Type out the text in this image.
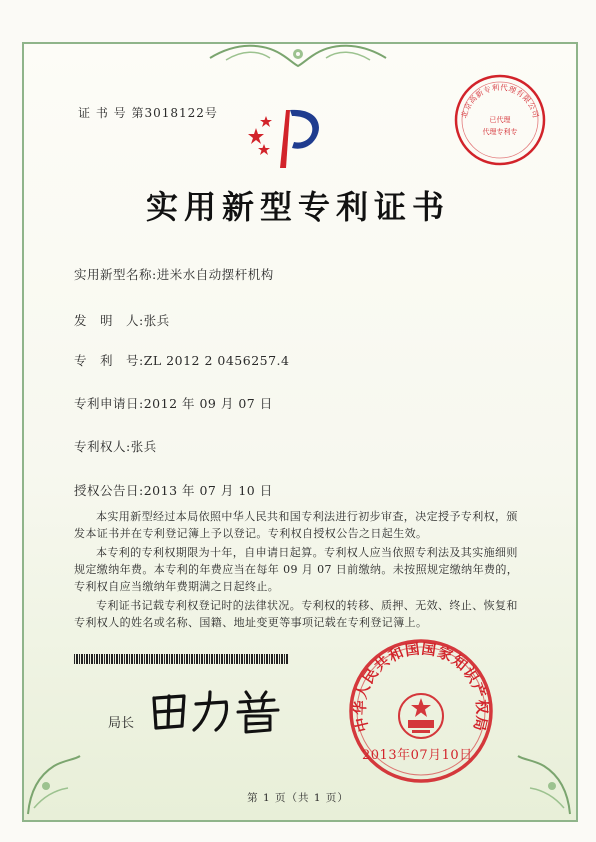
证 书 号 第3018122号	北京高新专利代理有限公司
已代理
代理专利专
实用新型专利证书
实用新型名称:进米水自动摆杆机构
发　明　人:张兵
专　利　号:ZL 2012 2 0456257.4
专利申请日:2012 年 09 月 07 日
专利权人:张兵
授权公告日:2013 年 07 月 10 日

本实用新型经过本局依照中华人民共和国专利法进行初步审查，决定授予专利权，颁发本证书并在专利登记簿上予以登记。专利权自授权公告之日起生效。

本专利的专利权期限为十年，自申请日起算。专利权人应当依照专利法及其实施细则规定缴纳年费。本专利的年费应当在每年 09 月 07 日前缴纳。未按照规定缴纳年费的，专利权自应当缴纳年费期满之日起终止。

专利证书记载专利权登记时的法律状况。专利权的转移、质押、无效、终止、恢复和专利权人的姓名或名称、国籍、地址变更等事项记载在专利登记簿上。

局长	中华人民共和国国家知识产权局
2013年07月10日
第 1 页（共 1 页）
